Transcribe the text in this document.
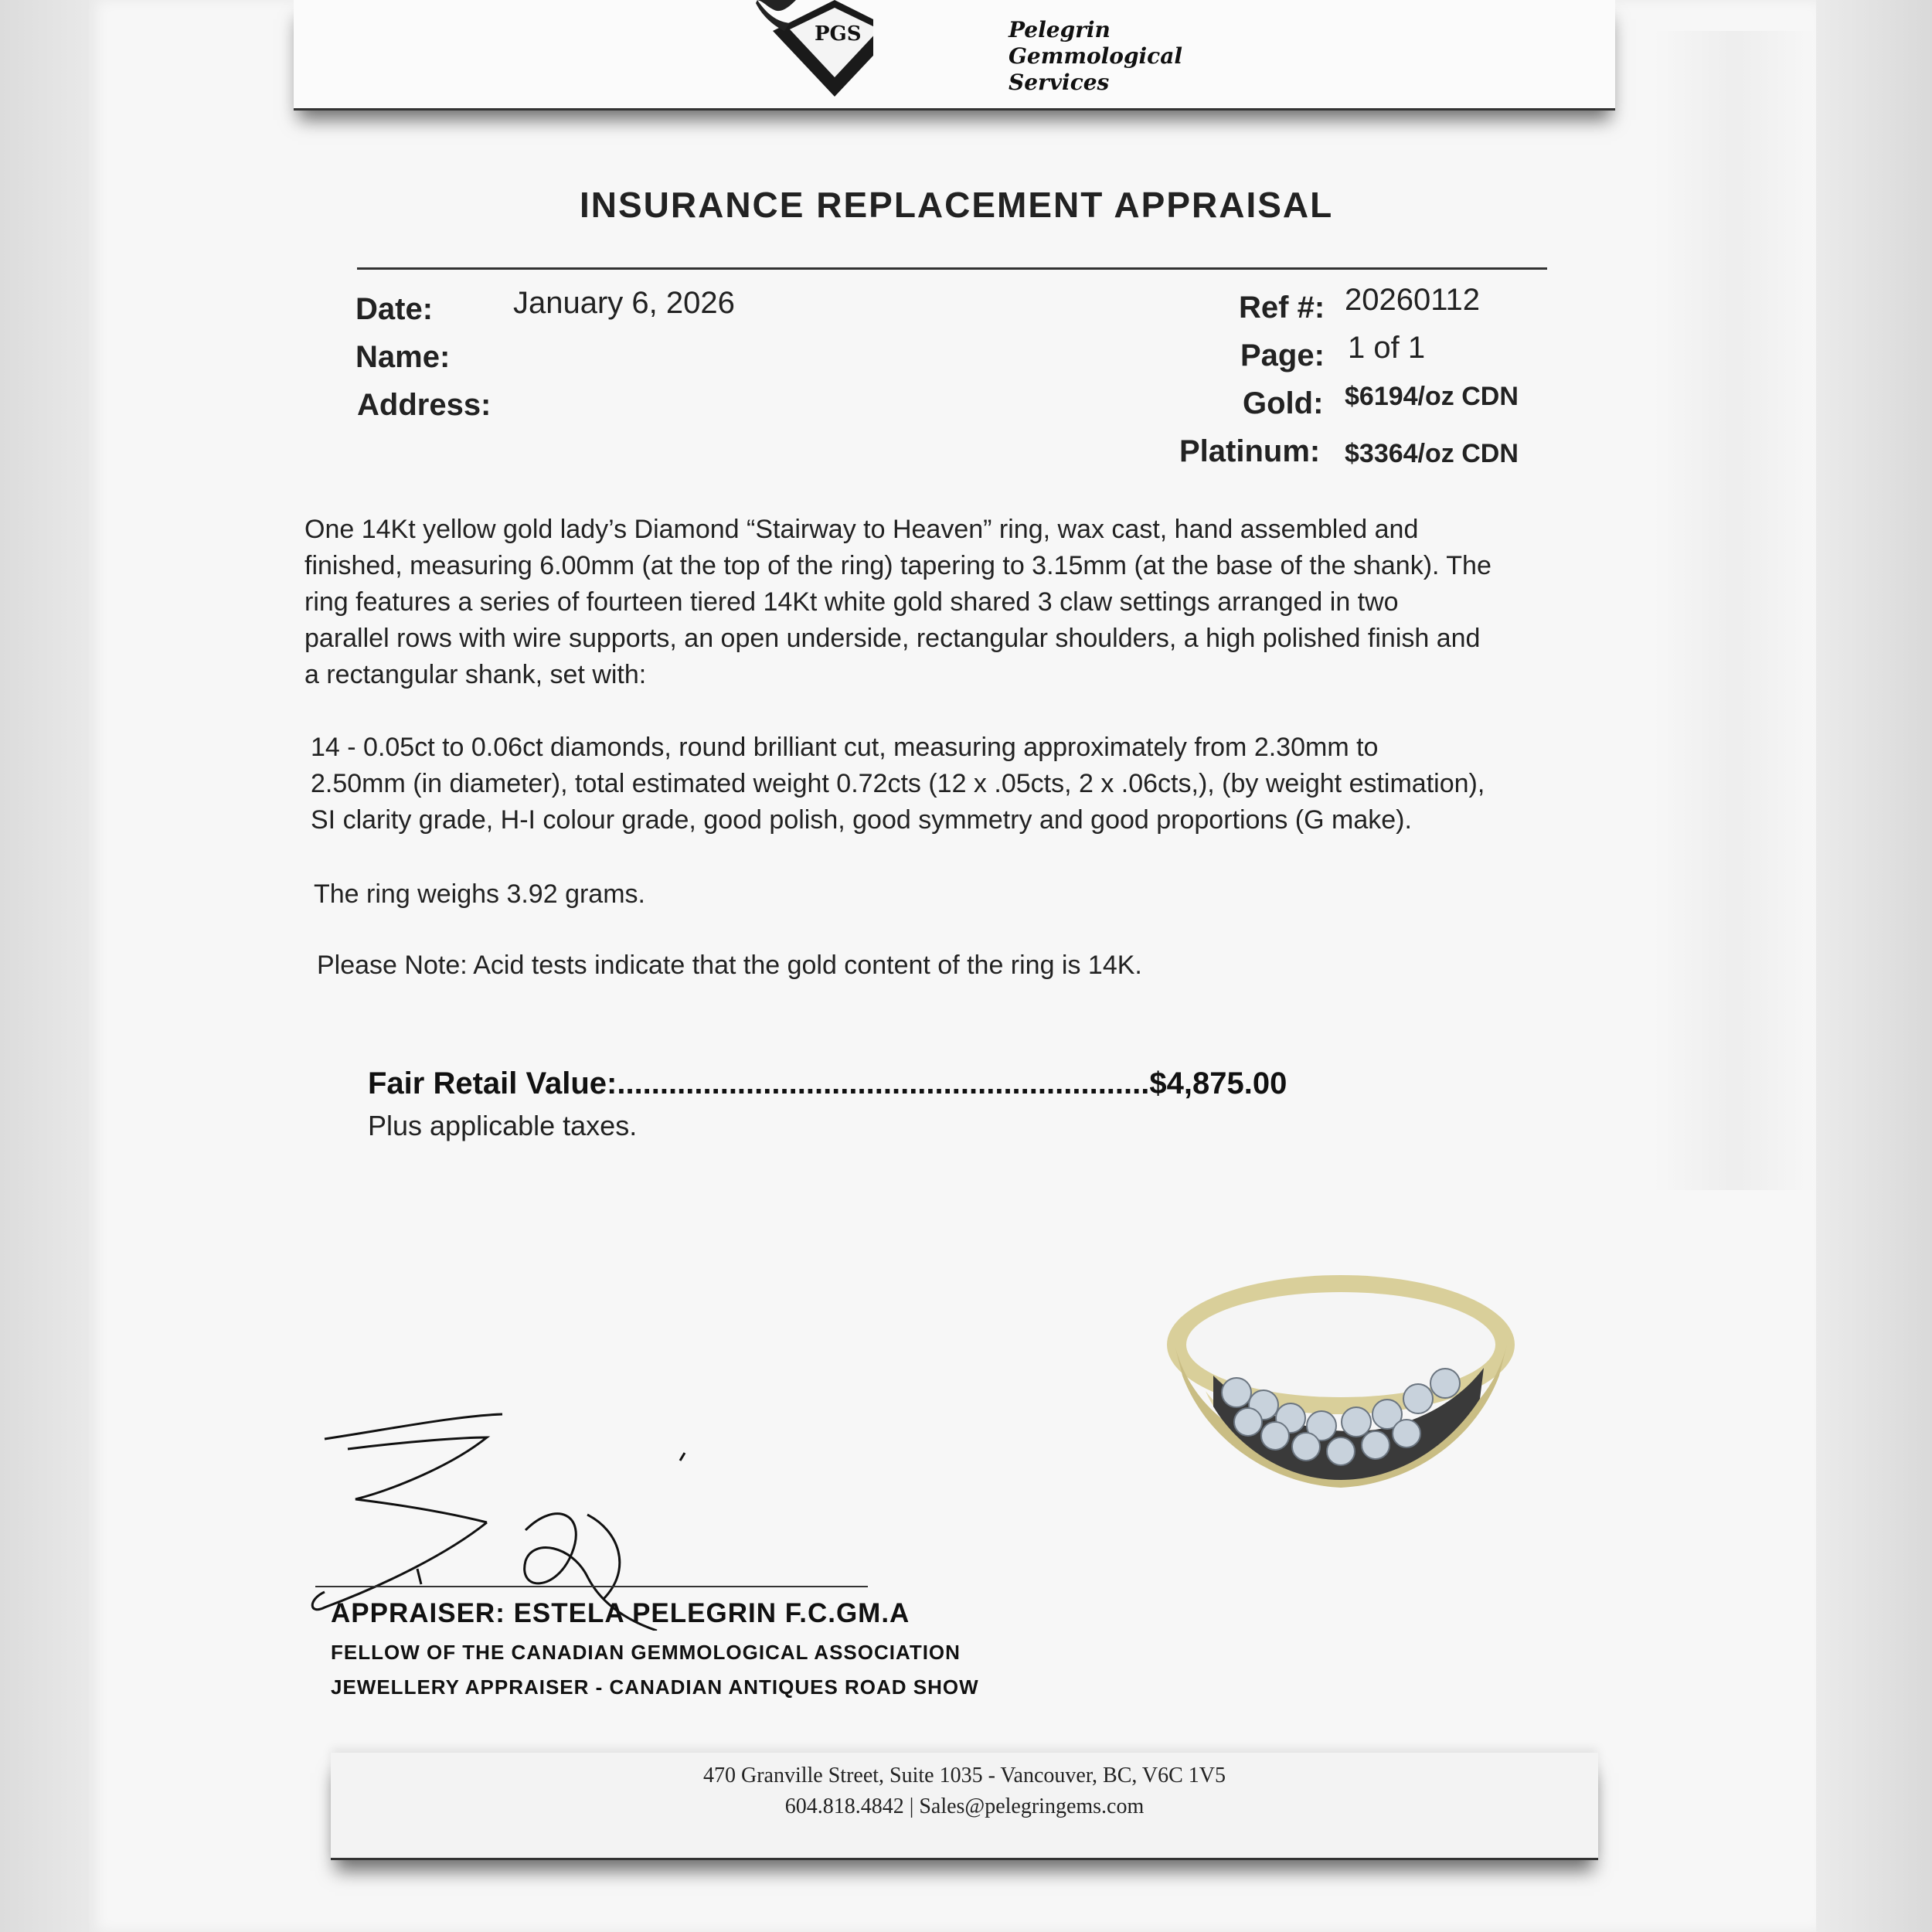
PGS	Pelegrin
Gemmological
Services
INSURANCE REPLACEMENT APPRAISAL
Date:	January 6, 2026
Name:
Address:
Ref #: 20260112
Page: 1 of 1
Gold: $6194/oz CDN
Platinum: $3364/oz CDN
One 14Kt yellow gold lady’s Diamond “Stairway to Heaven” ring, wax cast, hand assembled and
finished, measuring 6.00mm (at the top of the ring) tapering to 3.15mm (at the base of the shank). The
ring features a series of fourteen tiered 14Kt white gold shared 3 claw settings arranged in two
parallel rows with wire supports, an open underside, rectangular shoulders, a high polished finish and
a rectangular shank, set with:
14 - 0.05ct to 0.06ct diamonds, round brilliant cut, measuring approximately from 2.30mm to
2.50mm (in diameter), total estimated weight 0.72cts (12 x .05cts, 2 x .06cts,), (by weight estimation),
SI clarity grade, H-I colour grade, good polish, good symmetry and good proportions (G make).
The ring weighs 3.92 grams.
Please Note: Acid tests indicate that the gold content of the ring is 14K.
Fair Retail Value:..............................................................$4,875.00
Plus applicable taxes.
APPRAISER: ESTELA PELEGRIN F.C.GM.A
FELLOW OF THE CANADIAN GEMMOLOGICAL ASSOCIATION
JEWELLERY APPRAISER - CANADIAN ANTIQUES ROAD SHOW
470 Granville Street, Suite 1035 - Vancouver, BC, V6C 1V5
604.818.4842 | Sales@pelegringems.com
